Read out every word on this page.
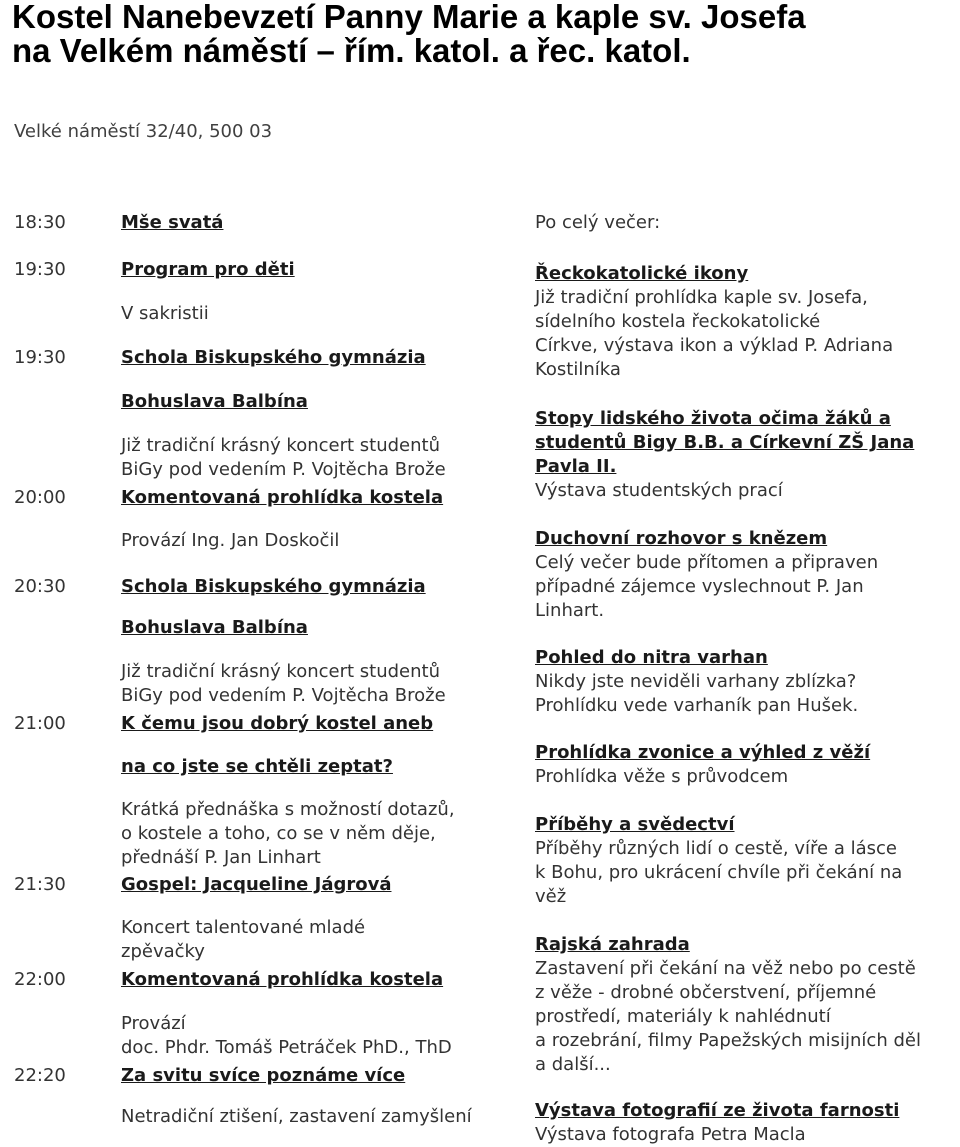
Kostel Nanebevzetí Panny Marie a kaple sv. Josefa
na Velkém náměstí – řím. katol. a řec. katol.
Velké náměstí 32/40, 500 03
18:30
19:30
19:30
20:00
20:30
21:00
21:30
22:00
22:20
Mše svatá
Program pro děti
Schola Biskupského gymnázia
Bohuslava Balbína
Komentovaná prohlídka kostela
Schola Biskupského gymnázia
Bohuslava Balbína
K čemu jsou dobrý kostel aneb
na co jste se chtěli zeptat?
Gospel: Jacqueline Jágrová
Komentovaná prohlídka kostela
Za svitu svíce poznáme více
V sakristii
Již tradiční krásný koncert studentů
BiGy pod vedením P. Vojtěcha Brože
Provází Ing. Jan Doskočil
Již tradiční krásný koncert studentů
BiGy pod vedením P. Vojtěcha Brože
Krátká přednáška s možností dotazů,
o kostele a toho, co se v něm děje,
přednáší P. Jan Linhart
Koncert talentované mladé
zpěvačky
Provází
doc. Phdr. Tomáš Petráček PhD., ThD
Netradiční ztišení, zastavení zamyšlení
Po celý večer:
Řeckokatolické ikony
Již tradiční prohlídka kaple sv. Josefa,
sídelního kostela řeckokatolické
Církve, výstava ikon a výklad P. Adriana
Kostilníka
Stopy lidského života očima žáků a
studentů Bigy B.B. a Církevní ZŠ Jana
Pavla II.
Výstava studentských prací
Duchovní rozhovor s knězem
Celý večer bude přítomen a připraven
případné zájemce vyslechnout P. Jan
Linhart.
Pohled do nitra varhan
Nikdy jste neviděli varhany zblízka?
Prohlídku vede varhaník pan Hušek.
Prohlídka zvonice a výhled z věží
Prohlídka věže s průvodcem
Příběhy a svědectví
Příběhy různých lidí o cestě, víře a lásce
k Bohu, pro ukrácení chvíle při čekání na
věž
Rajská zahrada
Zastavení při čekání na věž nebo po cestě
z věže - drobné občerstvení, příjemné
prostředí, materiály k nahlédnutí
a rozebrání, filmy Papežských misijních děl
a další...
Výstava fotografií ze života farnosti
Výstava fotografa Petra Macla
